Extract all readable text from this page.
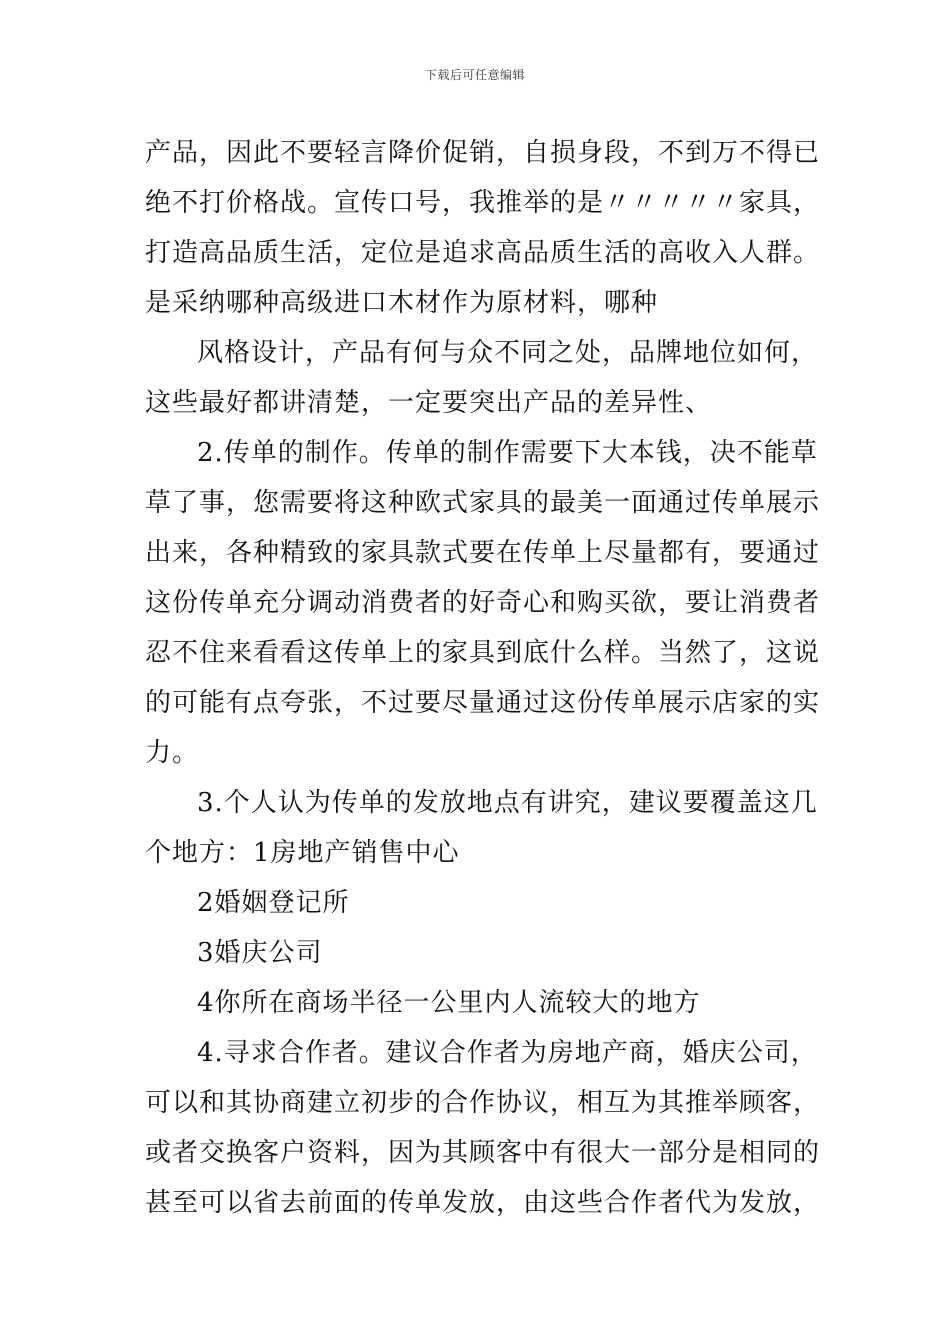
下载后可任意编辑
产品，因此不要轻言降价促销，自损身段，不到万不得已
绝不打价格战。宣传口号，我推举的是〃〃〃〃〃家具，
打造高品质生活，定位是追求高品质生活的高收入人群。
是采纳哪种高级进口木材作为原材料，哪种
风格设计，产品有何与众不同之处，品牌地位如何，
这些最好都讲清楚，一定要突出产品的差异性、
2.传单的制作。传单的制作需要下大本钱，决不能草
草了事，您需要将这种欧式家具的最美一面通过传单展示
出来，各种精致的家具款式要在传单上尽量都有，要通过
这份传单充分调动消费者的好奇心和购买欲，要让消费者
忍不住来看看这传单上的家具到底什么样。当然了，这说
的可能有点夸张，不过要尽量通过这份传单展示店家的实
力。
3.个人认为传单的发放地点有讲究，建议要覆盖这几
个地方：1房地产销售中心
2婚姻登记所
3婚庆公司
4你所在商场半径一公里内人流较大的地方
4.寻求合作者。建议合作者为房地产商，婚庆公司，
可以和其协商建立初步的合作协议，相互为其推举顾客，
或者交换客户资料，因为其顾客中有很大一部分是相同的
甚至可以省去前面的传单发放，由这些合作者代为发放，
